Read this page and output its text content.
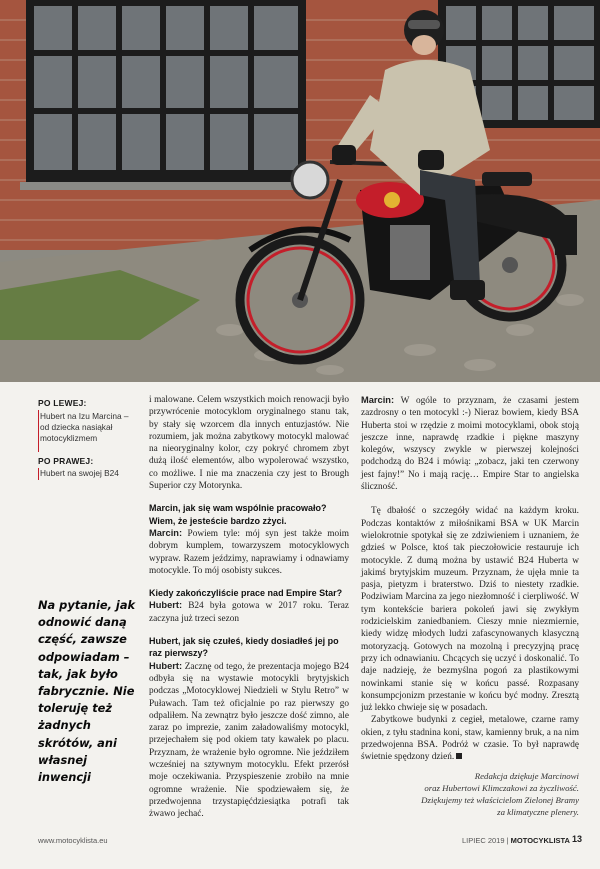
PO LEWEJ:
Hubert na Izu Marcina – od dziecka nasiąkał motocyklizmem
PO PRAWEJ:
Hubert na swojej B24
Na pytanie, jak odnowić daną część, zawsze odpowiadam – tak, jak było fabrycznie. Nie toleruję też żadnych skrótów, ani własnej inwencji

i malowane. Celem wszystkich moich renowacji było przywrócenie motocyklom oryginalnego stanu tak, by stały się wzorcem dla innych entuzjastów. Nie rozumiem, jak można zabytkowy motocykl malować na nieoryginalny kolor, czy pokryć chromem zbyt dużą ilość elementów, albo wypolerować wszystko, co możliwe. I nie ma znaczenia czy jest to Brough Superior czy Motorynka.

Marcin, jak się wam wspólnie pracowało? Wiem, że jesteście bardzo zżyci.

Marcin: Powiem tyle: mój syn jest także moim dobrym kumplem, towarzyszem motocyklowych wypraw. Razem jeździmy, naprawiamy i odnawiamy motocykle. To mój osobisty sukces.

Kiedy zakończyliście prace nad Empire Star?

Hubert: B24 była gotowa w 2017 roku. Teraz zaczyna już trzeci sezon

Hubert, jak się czułeś, kiedy dosiadłeś jej po raz pierwszy?

Hubert: Zacznę od tego, że prezentacja mojego B24 odbyła się na wystawie motocykli brytyjskich podczas „Motocyklowej Niedzieli w Stylu Retro” w Puławach. Tam też oficjalnie po raz pierwszy go odpaliłem. Na zewnątrz było jeszcze dość zimno, ale zaraz po imprezie, zanim załadowaliśmy motocykl, przejechałem się pod okiem taty kawałek po placu. Przyznam, że wrażenie było ogromne. Nie jeździłem wcześniej na sztywnym motocyklu. Efekt przerósł moje oczekiwania. Przyspieszenie zrobiło na mnie ogromne wrażenie. Nie spodziewałem się, że przedwojenna trzystapięćdziesiątka potrafi tak żwawo jechać.

Marcin: W ogóle to przyznam, że czasami jestem zazdrosny o ten motocykl :-) Nieraz bowiem, kiedy BSA Huberta stoi w rzędzie z moimi motocyklami, obok stoją jeszcze inne, naprawdę rzadkie i piękne maszyny kolegów, wszyscy zwykle w pierwszej kolejności podchodzą do B24 i mówią: „zobacz, jaki ten czerwony jest fajny!” No i mają rację… Empire Star to angielska śliczność.

Tę dbałość o szczegóły widać na każdym kroku. Podczas kontaktów z miłośnikami BSA w UK Marcin wielokrotnie spotykał się ze zdziwieniem i uznaniem, że gdzieś w Polsce, ktoś tak pieczołowicie restauruje ich motocykle. Z dumą można by ustawić B24 Huberta w jakimś brytyjskim muzeum. Przyznam, że ujęła mnie ta pasja, pietyzm i braterstwo. Dziś to niestety rzadkie. Podziwiam Marcina za jego niezłomność i cierpliwość. W tym kontekście bariera pokoleń jawi się zwykłym rodzicielskim zaniedbaniem. Cieszy mnie niezmiernie, kiedy widzę młodych ludzi zafascynowanych klasyczną motoryzacją. Gotowych na mozolną i precyzyjną pracę przy ich odnawianiu. Chcących się uczyć i doskonalić. To daje nadzieję, że bezmyślna pogoń za plastikowymi nowinkami stanie się w końcu passé. Rozpasany konsumpcjonizm przestanie w końcu być modny. Zresztą już lekko chwieje się w posadach.

Zabytkowe budynki z cegieł, metalowe, czarne ramy okien, z tyłu stadnina koni, staw, kamienny bruk, a na nim przedwojenna BSA. Podróż w czasie. To był naprawdę świetnie spędzony dzień.

Redakcja dziękuje Marcinowi
oraz Hubertowi Klimczakowi za życzliwość.
Dziękujemy też właścicielom Zielonej Bramy
za klimatyczne plenery.
www.motocyklista.eu	LIPIEC 2019 | MOTOCYKLISTA 13
